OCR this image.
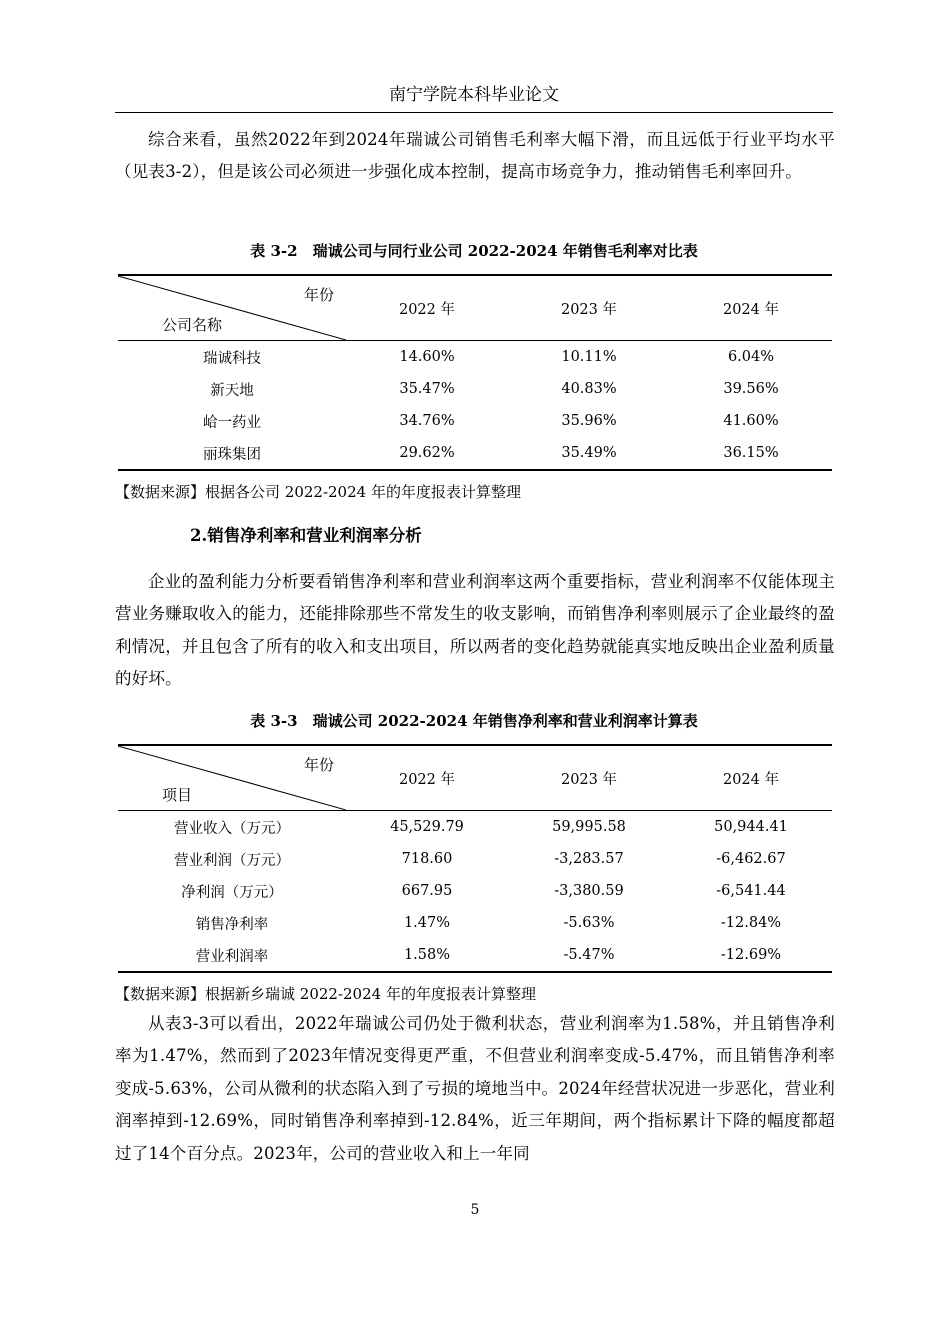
南宁学院本科毕业论文

综合来看，虽然2022年到2024年瑞诚公司销售毛利率大幅下滑，而且远低于行业平均水平（见表3-2），但是该公司必须进一步强化成本控制，提高市场竞争力，推动销售毛利率回升。

表 3-2　瑞诚公司与同行业公司 2022-2024 年销售毛利率对比表
年份
公司名称	2022 年	2023 年	2024 年
瑞诚科技	14.60%	10.11%	6.04%
新天地	35.47%	40.83%	39.56%
峆一药业	34.76%	35.96%	41.60%
丽珠集团	29.62%	35.49%	36.15%
【数据来源】根据各公司 2022-2024 年的年度报表计算整理
2.销售净利率和营业利润率分析

企业的盈利能力分析要看销售净利率和营业利润率这两个重要指标，营业利润率不仅能体现主营业务赚取收入的能力，还能排除那些不常发生的收支影响，而销售净利率则展示了企业最终的盈利情况，并且包含了所有的收入和支出项目，所以两者的变化趋势就能真实地反映出企业盈利质量的好坏。

表 3-3　瑞诚公司 2022-2024 年销售净利率和营业利润率计算表
年份
项目	2022 年	2023 年	2024 年
营业收入（万元）	45,529.79	59,995.58	50,944.41
营业利润（万元）	718.60	-3,283.57	-6,462.67
净利润（万元）	667.95	-3,380.59	-6,541.44
销售净利率	1.47%	-5.63%	-12.84%
营业利润率	1.58%	-5.47%	-12.69%
【数据来源】根据新乡瑞诚 2022-2024 年的年度报表计算整理

从表3-3可以看出，2022年瑞诚公司仍处于微利状态，营业利润率为1.58%，并且销售净利率为1.47%，然而到了2023年情况变得更严重，不但营业利润率变成-5.47%，而且销售净利率变成-5.63%，公司从微利的状态陷入到了亏损的境地当中。2024年经营状况进一步恶化，营业利润率掉到-12.69%，同时销售净利率掉到-12.84%，近三年期间，两个指标累计下降的幅度都超过了14个百分点。2023年，公司的营业收入和上一年同

5
